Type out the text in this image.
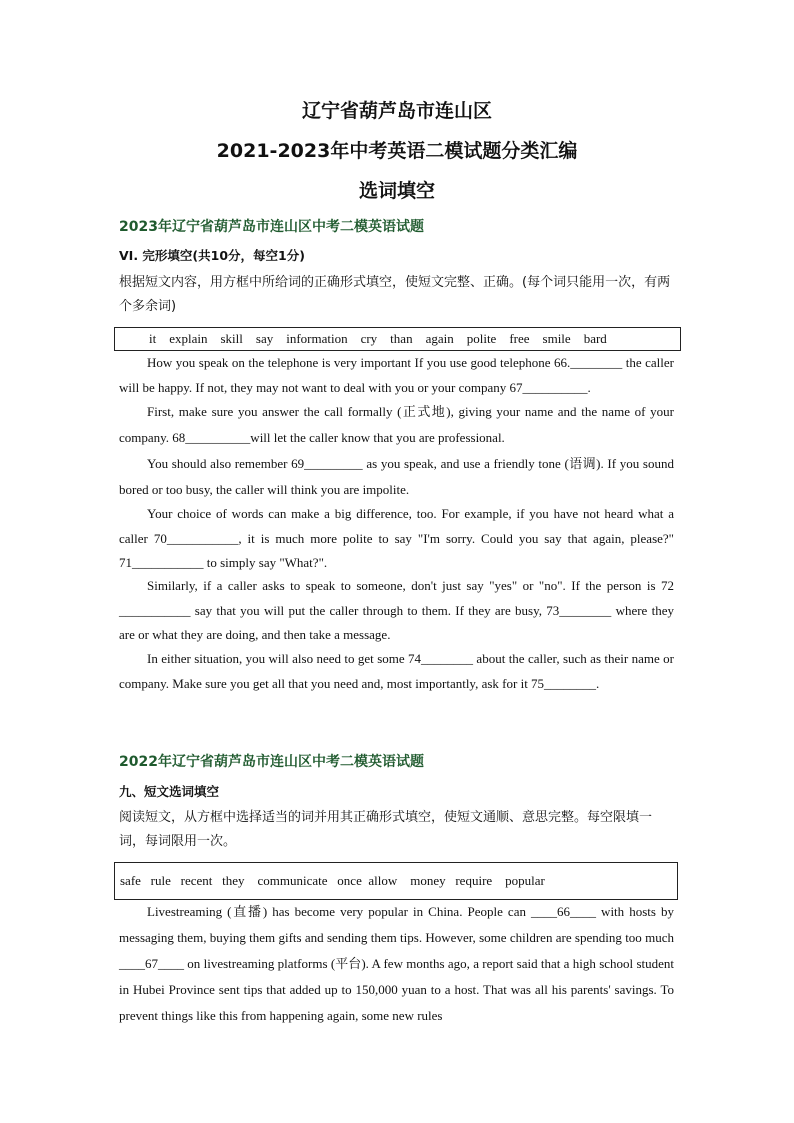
辽宁省葫芦岛市连山区
2021-2023年中考英语二模试题分类汇编
选词填空
2023年辽宁省葫芦岛市连山区中考二模英语试题
VI. 完形填空(共10分，每空1分)
根据短文内容，用方框中所给词的正确形式填空，使短文完整、正确。(每个词只能用一次，有两个多余词)
it    explain    skill    say    information    cry    than    again    polite    free    smile    bard
How you speak on the telephone is very important If you use good telephone 66.________ the caller will be happy. If not, they may not want to deal with you or your company 67__________.
First, make sure you answer the call formally (正式地), giving your name and the name of your company. 68__________will let the caller know that you are professional.
You should also remember 69_________ as you speak, and use a friendly tone (语调). If you sound bored or too busy, the caller will think you are impolite.
Your choice of words can make a big difference, too. For example, if you have not heard what a caller 70___________, it is much more polite to say "I'm sorry. Could you say that again, please?" 71___________ to simply say "What?".
Similarly, if a caller asks to speak to someone, don't just say "yes" or "no". If the person is 72 ___________ say that you will put the caller through to them. If they are busy, 73________ where they are or what they are doing, and then take a message.
In either situation, you will also need to get some 74________ about the caller, such as their name or company. Make sure you get all that you need and, most importantly, ask for it 75________.
2022年辽宁省葫芦岛市连山区中考二模英语试题
九、短文选词填空
阅读短文，从方框中选择适当的词并用其正确形式填空，使短文通顺、意思完整。每空限填一词，每词限用一次。
safe   rule   recent   they    communicate   once  allow    money   require    popular
Livestreaming (直播) has become very popular in China. People can ____66____ with hosts by messaging them, buying them gifts and sending them tips. However, some children are spending too much ____67____ on livestreaming platforms (平台). A few months ago, a report said that a high school student in Hubei Province sent tips that added up to 150,000 yuan to a host. That was all his parents' savings. To prevent things like this from happening again, some new rules
